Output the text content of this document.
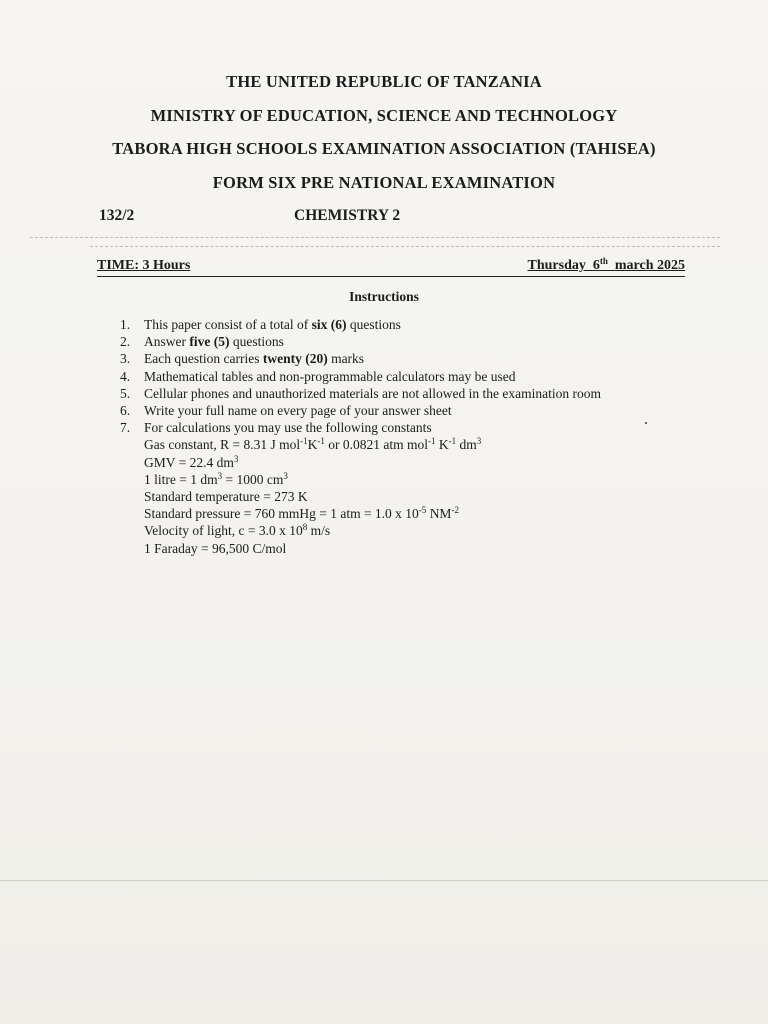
THE UNITED REPUBLIC OF TANZANIA
MINISTRY OF EDUCATION, SCIENCE AND TECHNOLOGY
TABORA HIGH SCHOOLS EXAMINATION ASSOCIATION (TAHISEA)
FORM SIX PRE NATIONAL EXAMINATION
132/2	CHEMISTRY 2
TIME: 3 Hours	Thursday 6th march 2025
Instructions
1. This paper consist of a total of six (6) questions
2. Answer five (5) questions
3. Each question carries twenty (20) marks
4. Mathematical tables and non-programmable calculators may be used
5. Cellular phones and unauthorized materials are not allowed in the examination room
6. Write your full name on every page of your answer sheet
7. For calculations you may use the following constants
Gas constant, R = 8.31 J $mol^{-1}K^{-1}$ or 0.0821 atm mol$^{-1}$ $K^{-1}$ $dm^3$
GMV = 22.4 $dm^3$
1 litre = 1 $dm^3 = 1000$ $cm^3$
Standard temperature = 273 K
Standard pressure = 760 mmHg = 1 atm = 1.0 x $10^{-5}$ $NM^{-2}$
Velocity of light, c = 3.0 x $10^8$ m/s
1 Faraday = 96,500 C/mol
